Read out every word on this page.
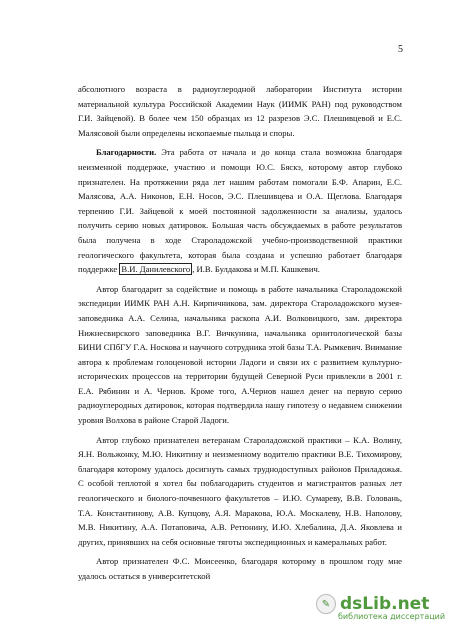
5

абсолютного возраста в радиоуглеродной лаборатории Института истории материальной культура Российской Академии Наук (ИИМК РАН) под руководством Г.И. Зайцевой). В более чем 150 образцах из 12 разрезов Э.С. Плешивцевой и Е.С. Малясовой были определены ископаемые пыльца и споры.

Благодарности. Эта работа от начала и до конца стала возможна благодаря неизменной поддержке, участию и помощи Ю.С. Бяскэ, которому автор глубоко признателен. На протяжении ряда лет нашим работам помогали Б.Ф. Апарин, Е.С. Малясова, А.А. Никонов, Е.Н. Носов, Э.С. Плешивцева и О.А. Щеглова. Благодаря терпению Г.И. Зайцевой к моей постоянной задолженности за анализы, удалось получить серию новых датировок. Большая часть обсуждаемых в работе результатов была получена в ходе Староладожской учебно-производственной практики геологического факультета, которая была создана и успешно работает благодаря поддержке В.И. Данилевского , И.В. Булдакова и М.П. Кашкевич.

Автор благодарит за содействие и помощь в работе начальника Староладожской экспедиции ИИМК РАН А.Н. Кирпичникова, зам. директора Староладожского музея-заповедника А.А. Селина, начальника раскопа А.И. Волковицкого, зам. директора Нижнесвирского заповедника В.Г. Вичкунина, начальника орнитологической базы БИНИ СПбГУ Г.А. Носкова и научного сотрудника этой базы Т.А. Рымкевич. Внимание автора к проблемам голоценовой истории Ладоги и связи их с развитием культурно-исторических процессов на территории будущей Северной Руси привлекли в 2001 г. Е.А. Рябинин и А. Чернов. Кроме того, А.Чернов нашел денег на первую серию радиоуглеродных датировок, которая подтвердила нашу гипотезу о недавнем снижении уровня Волхова в районе Старой Ладоги.

Автор глубоко признателен ветеранам Староладожской практики – К.А. Волину, Я.Н. Вольжонку, М.Ю. Никитину и неизменному водителю практики В.Е. Тихомирову, благодаря которому удалось досигнуть самых труднодоступных районов Приладожья. С особой теплотой я хотел бы поблагодарить студентов и магистрантов разных лет геологического и биолого-почвенного факультетов – И.Ю. Сумареву, В.В. Головань, Т.А. Константинову, А.В. Купцову, А.Я. Маракова, Ю.А. Москалеву, Н.В. Наполову, М.В. Никитину, А.А. Потаповича, А.В. Ретюнину, И.Ю. Хлебалина, Д.А. Яковлева и других, принявших на себя основные тяготы экспедиционных и камеральных работ.

Автор признателен Ф.С. Моисеенко, благодаря которому в прошлом году мне удалось остаться в университетской

✎ dsLib.net
библиотека диссертаций
